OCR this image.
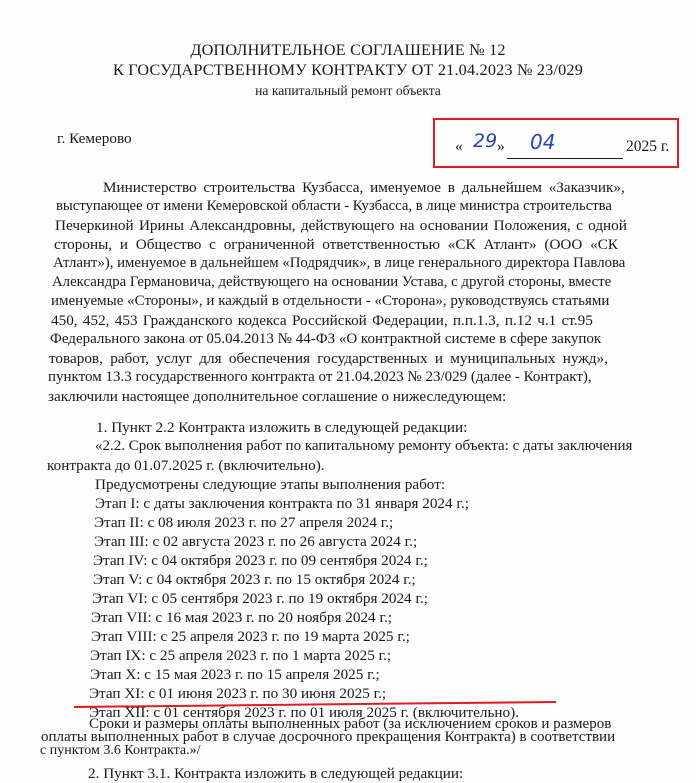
ДОПОЛНИТЕЛЬНОЕ СОГЛАШЕНИЕ № 12
К ГОСУДАРСТВЕННОМУ КОНТРАКТУ ОТ 21.04.2023 № 23/029
на капитальный ремонт объекта
г. Кемерово	« 29 » 04	2025 г.
Министерство строительства Кузбасса, именуемое в дальнейшем «Заказчик»,
выступающее от имени Кемеровской области - Кузбасса, в лице министра строительства
Печеркиной Ирины Александровны, действующего на основании Положения, с одной
стороны, и Общество с ограниченной ответственностью «СК Атлант» (ООО «СК
Атлант»), именуемое в дальнейшем «Подрядчик», в лице генерального директора Павлова
Александра Германовича, действующего на основании Устава, с другой стороны, вместе
именуемые «Стороны», и каждый в отдельности - «Сторона», руководствуясь статьями
450, 452, 453 Гражданского кодекса Российской Федерации, п.п.1.3, п.12 ч.1 ст.95
Федерального закона от 05.04.2013 № 44-ФЗ «О контрактной системе в сфере закупок
товаров, работ, услуг для обеспечения государственных и муниципальных нужд»,
пунктом 13.3 государственного контракта от 21.04.2023 № 23/029 (далее - Контракт),
заключили настоящее дополнительное соглашение о нижеследующем:
1. Пункт 2.2 Контракта изложить в следующей редакции:
«2.2. Срок выполнения работ по капитальному ремонту объекта: с даты заключения
контракта до 01.07.2025 г. (включительно).
Предусмотрены следующие этапы выполнения работ:
Этап I: с даты заключения контракта по 31 января 2024 г.;
Этап II: с 08 июля 2023 г. по 27 апреля 2024 г.;
Этап III: с 02 августа 2023 г. по 26 августа 2024 г.;
Этап IV: с 04 октября 2023 г. по 09 сентября 2024 г.;
Этап V: с 04 октября 2023 г. по 15 октября 2024 г.;
Этап VI: с 05 сентября 2023 г. по 19 октября 2024 г.;
Этап VII: с 16 мая 2023 г. по 20 ноября 2024 г.;
Этап VIII: с 25 апреля 2023 г. по 19 марта 2025 г.;
Этап IX: с 25 апреля 2023 г. по 1 марта 2025 г.;
Этап X: с 15 мая 2023 г. по 15 апреля 2025 г.;
Этап XI: с 01 июня 2023 г. по 30 июня 2025 г.;
Этап XII: с 01 сентября 2023 г. по 01 июля 2025 г. (включительно).
Сроки и размеры оплаты выполненных работ (за исключением сроков и размеров
оплаты выполненных работ в случае досрочного прекращения Контракта) в соответствии
с пунктом 3.6 Контракта.»/
2. Пункт 3.1. Контракта изложить в следующей редакции:
